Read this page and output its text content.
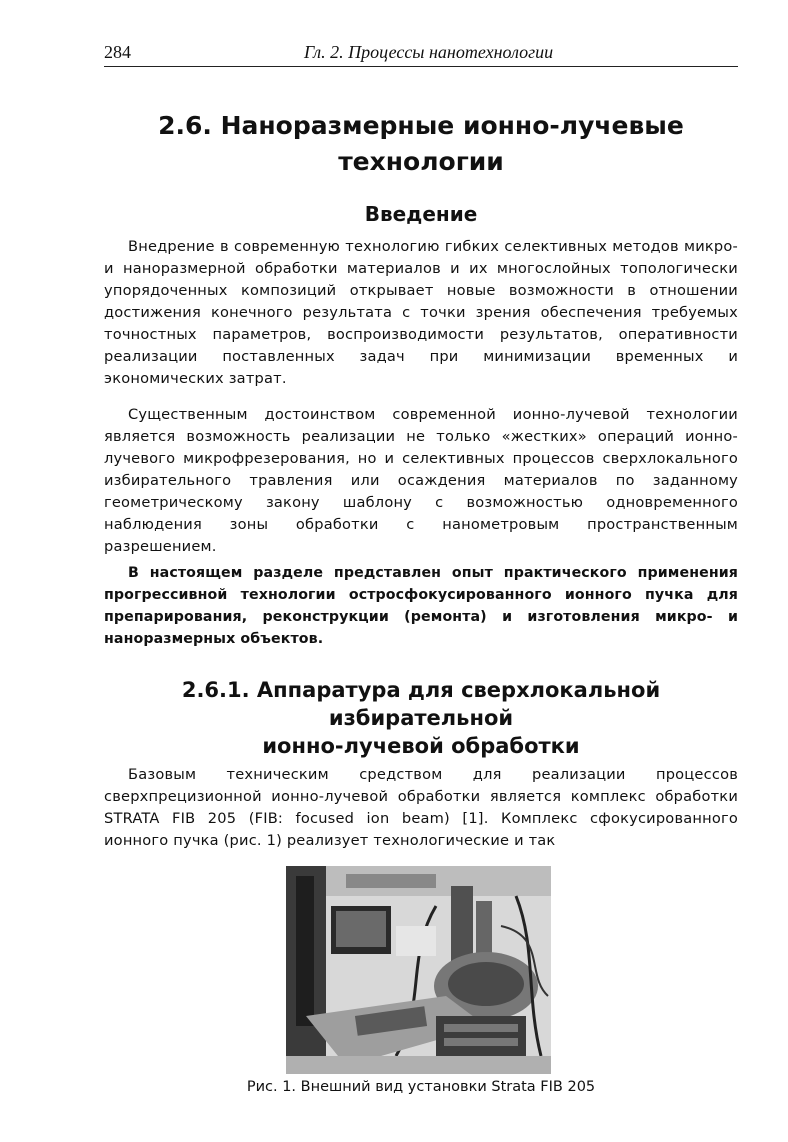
284	Гл. 2. Процессы нанотехнологии
2.6. Наноразмерные ионно-лучевые
технологии
Введение

Внедрение в современную технологию гибких селективных методов микро- и наноразмерной обработки материалов и их многослойных топологически упорядоченных композиций открывает новые возможности в отношении достижения конечного результата с точки зрения обеспечения требуемых точностных параметров, воспроизводимости результатов, оперативности реализации поставленных задач при минимизации временных и экономических затрат.

Существенным достоинством современной ионно-лучевой технологии является возможность реализации не только «жестких» операций ионно-лучевого микрофрезерования, но и селективных процессов сверхлокального избирательного травления или осаждения материалов по заданному геометрическому закону шаблону с возможностью одновременного наблюдения зоны обработки с нанометровым пространственным разрешением.

В настоящем разделе представлен опыт практического применения прогрессивной технологии остросфокусированного ионного пучка для препарирования, реконструкции (ремонта) и изготовления микро- и наноразмерных объектов.

2.6.1. Аппаратура для сверхлокальной избирательной
ионно-лучевой обработки

Базовым техническим средством для реализации процессов сверхпрецизионной ионно-лучевой обработки является комплекс обработки STRATA FIB 205 (FIB: focused ion beam) [1]. Комплекс сфокусированного ионного пучка (рис. 1) реализует технологические и так

Рис. 1. Внешний вид установки Strata FIB 205
